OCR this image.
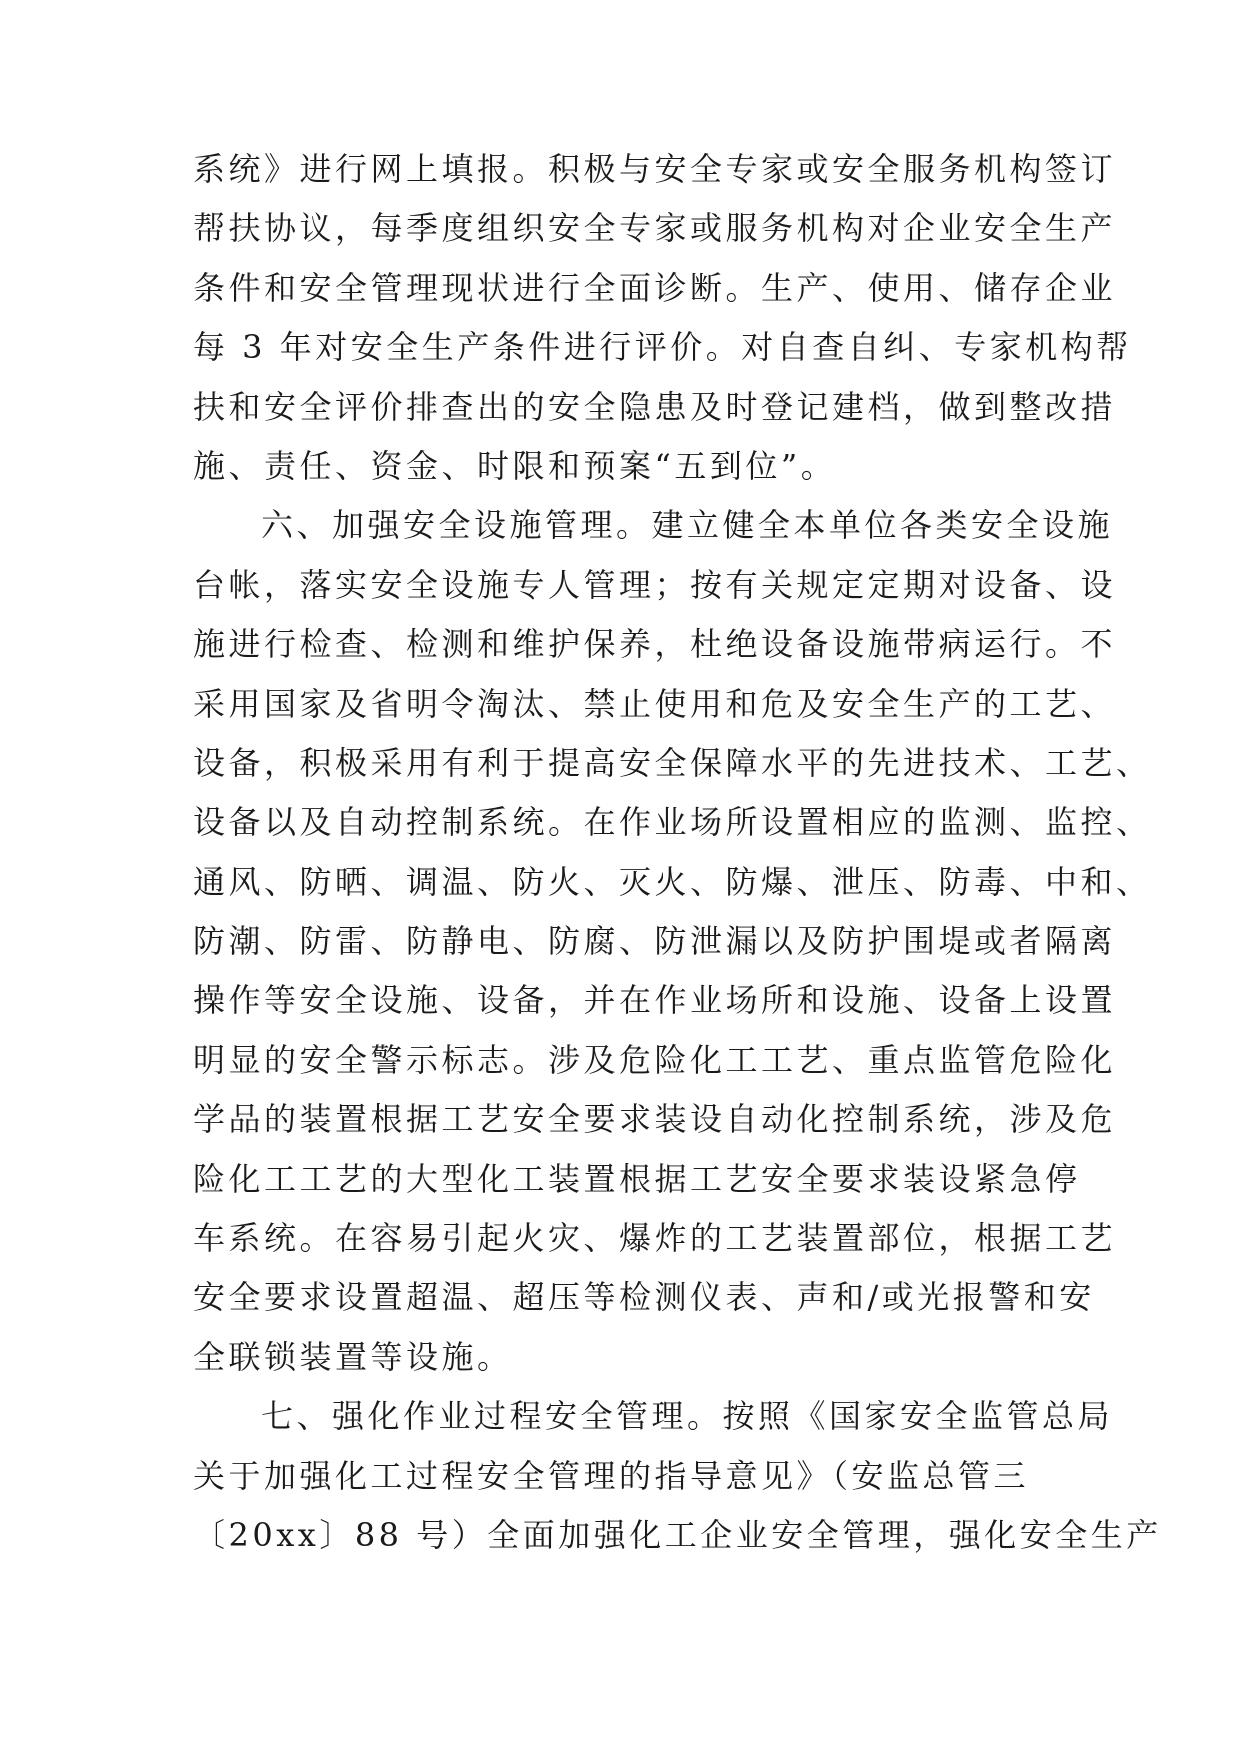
系统》进行网上填报。积极与安全专家或安全服务机构签订
帮扶协议，每季度组织安全专家或服务机构对企业安全生产
条件和安全管理现状进行全面诊断。生产、使用、储存企业
每 3 年对安全生产条件进行评价。对自查自纠、专家机构帮
扶和安全评价排查出的安全隐患及时登记建档，做到整改措
施、责任、资金、时限和预案“五到位”。
六、加强安全设施管理。建立健全本单位各类安全设施
台帐，落实安全设施专人管理；按有关规定定期对设备、设
施进行检查、检测和维护保养，杜绝设备设施带病运行。不
采用国家及省明令淘汰、禁止使用和危及安全生产的工艺、
设备，积极采用有利于提高安全保障水平的先进技术、工艺、
设备以及自动控制系统。在作业场所设置相应的监测、监控、
通风、防晒、调温、防火、灭火、防爆、泄压、防毒、中和、
防潮、防雷、防静电、防腐、防泄漏以及防护围堤或者隔离
操作等安全设施、设备，并在作业场所和设施、设备上设置
明显的安全警示标志。涉及危险化工工艺、重点监管危险化
学品的装置根据工艺安全要求装设自动化控制系统，涉及危
险化工工艺的大型化工装置根据工艺安全要求装设紧急停
车系统。在容易引起火灾、爆炸的工艺装置部位，根据工艺
安全要求设置超温、超压等检测仪表、声和/或光报警和安
全联锁装置等设施。
七、强化作业过程安全管理。按照《国家安全监管总局
关于加强化工过程安全管理的指导意见》（安监总管三
〔20xx〕88 号）全面加强化工企业安全管理，强化安全生产
